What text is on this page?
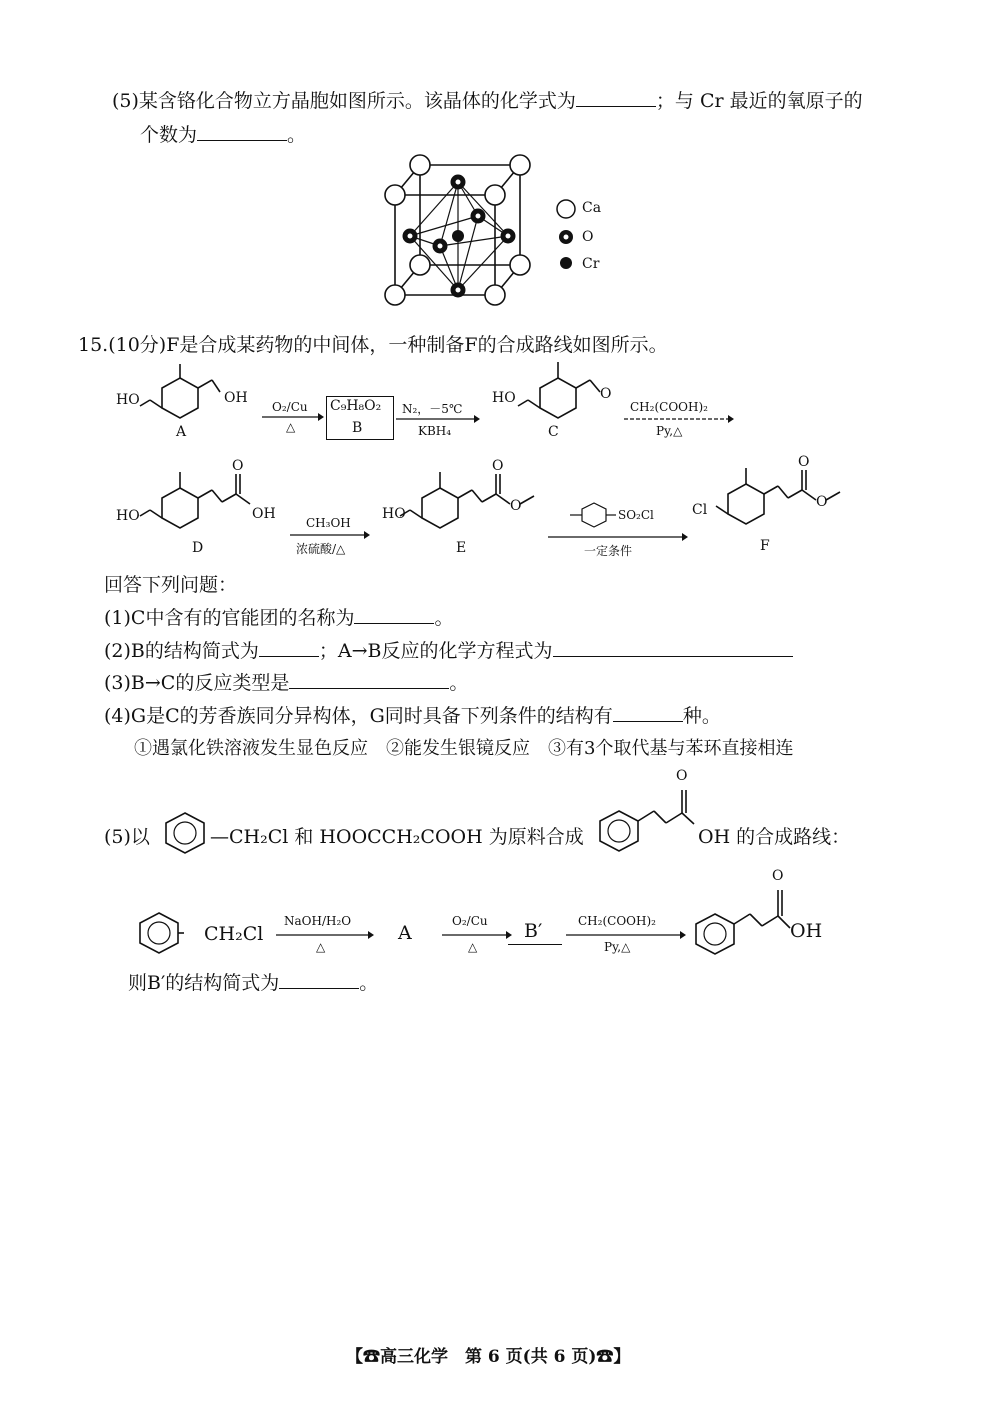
(5)某含铬化合物立方晶胞如图所示。该晶体的化学式为	；与 Cr 最近的氧原子的
个数为	。
Ca
O
Cr
15.(10分)F是合成某药物的中间体，一种制备F的合成路线如图所示。
HO	OH
A
O₂/Cu
△
C₉H₈O₂
B
N₂，－5℃
KBH₄
HO	O
C
CH₂(COOH)₂
Py,△
O
HO	OH
D
CH₃OH
浓硫酸/△
O
O
HO
E
SO₂Cl
一定条件
O
O
Cl
F
回答下列问题：
(1)C中含有的官能团的名称为	。
(2)B的结构简式为	；A→B反应的化学方程式为
(3)B→C的反应类型是	。
(4)G是C的芳香族同分异构体，G同时具备下列条件的结构有	种。
①遇氯化铁溶液发生显色反应　②能发生银镜反应　③有3个取代基与苯环直接相连
(5)以	—CH₂Cl 和 HOOCCH₂COOH 为原料合成
O
OH 的合成路线：
CH₂Cl
NaOH/H₂O
△
A
O₂/Cu
△
B′	CH₂(COOH)₂
Py,△
O
OH
则B′的结构简式为	。
【☎高三化学　第 6 页(共 6 页)☎】
